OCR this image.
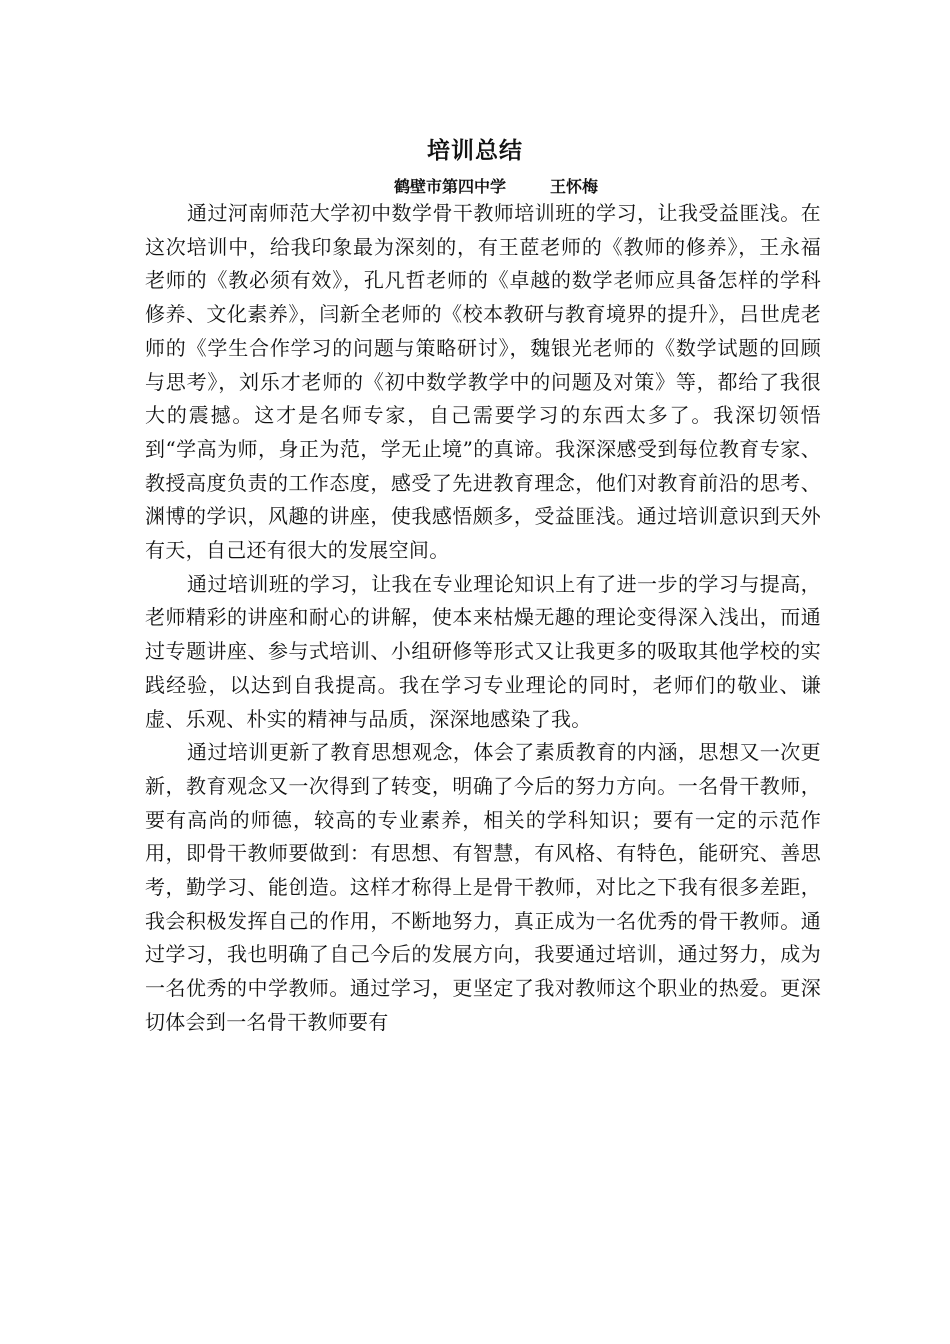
培训总结
鹤壁市第四中学	王怀梅

通过河南师范大学初中数学骨干教师培训班的学习，让我受益匪浅。在这次培训中，给我印象最为深刻的，有王茝老师的《教师的修养》，王永福老师的《教必须有效》，孔凡哲老师的《卓越的数学老师应具备怎样的学科修养、文化素养》，闫新全老师的《校本教研与教育境界的提升》，吕世虎老师的《学生合作学习的问题与策略研讨》，魏银光老师的《数学试题的回顾与思考》，刘乐才老师的《初中数学教学中的问题及对策》等，都给了我很大的震撼。这才是名师专家，自己需要学习的东西太多了。我深切领悟到“学高为师，身正为范，学无止境”的真谛。我深深感受到每位教育专家、教授高度负责的工作态度，感受了先进教育理念，他们对教育前沿的思考、渊博的学识，风趣的讲座，使我感悟颇多，受益匪浅。通过培训意识到天外有天，自己还有很大的发展空间。

通过培训班的学习，让我在专业理论知识上有了进一步的学习与提高，老师精彩的讲座和耐心的讲解，使本来枯燥无趣的理论变得深入浅出，而通过专题讲座、参与式培训、小组研修等形式又让我更多的吸取其他学校的实践经验，以达到自我提高。我在学习专业理论的同时，老师们的敬业、谦虚、乐观、朴实的精神与品质，深深地感染了我。

通过培训更新了教育思想观念，体会了素质教育的内涵，思想又一次更新，教育观念又一次得到了转变，明确了今后的努力方向。一名骨干教师，要有高尚的师德，较高的专业素养，相关的学科知识；要有一定的示范作用，即骨干教师要做到：有思想、有智慧，有风格、有特色，能研究、善思考，勤学习、能创造。这样才称得上是骨干教师，对比之下我有很多差距，我会积极发挥自己的作用，不断地努力，真正成为一名优秀的骨干教师。通过学习，我也明确了自己今后的发展方向，我要通过培训，通过努力，成为一名优秀的中学教师。通过学习，更坚定了我对教师这个职业的热爱。更深切体会到一名骨干教师要有
